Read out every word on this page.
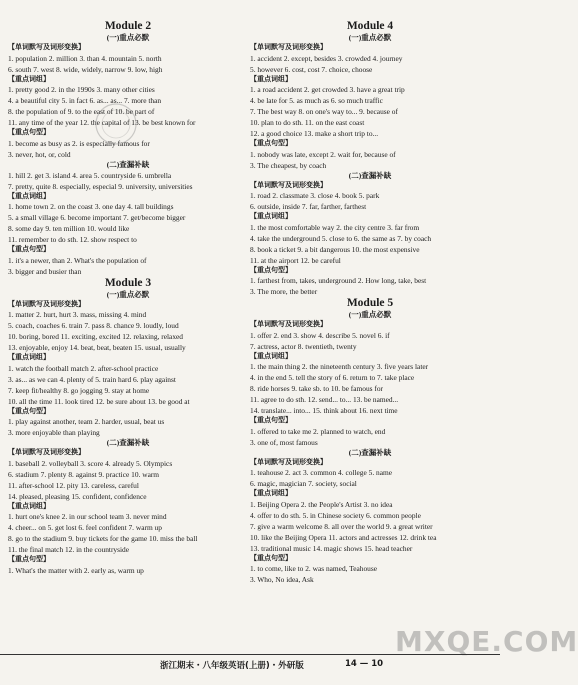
Module 2
(一)重点必默
【单词默写及词形变换】
1. population 2. million 3. than 4. mountain 5. north
6. south 7. west 8. wide, widely, narrow 9. low, high
【重点词组】
1. pretty good 2. in the 1990s 3. many other cities
4. a beautiful city 5. in fact 6. as... as... 7. more than
8. the population of 9. to the east of 10. be part of
11. any time of the year 12. the capital of 13. be best known for
【重点句型】
1. become as busy as 2. is especially famous for
3. never, hot, or, cold
(二)查漏补缺
1. hill 2. get 3. island 4. area 5. countryside 6. umbrella
7. pretty, quite 8. especially, especial 9. university, universities
【重点词组】
1. home town 2. on the coast 3. one day 4. tall buildings
5. a small village 6. become important 7. get/become bigger
8. some day 9. ten million 10. would like
11. remember to do sth. 12. show respect to
【重点句型】
1. it's a newer, than 2. What's the population of
3. bigger and busier than
Module 3
(一)重点必默
【单词默写及词形变换】
1. matter 2. hurt, hurt 3. mass, missing 4. mind
5. coach, coaches 6. train 7. pass 8. chance 9. loudly, loud
10. boring, bored 11. exciting, excited 12. relaxing, relaxed
13. enjoyable, enjoy 14. beat, beat, beaten 15. usual, usually
【重点词组】
1. watch the football match 2. after-school practice
3. as... as we can 4. plenty of 5. train hard 6. play against
7. keep fit/healthy 8. go jogging 9. stay at home
10. all the time 11. look tired 12. be sure about 13. be good at
【重点句型】
1. play against another, team 2. harder, usual, beat us
3. more enjoyable than playing
(二)查漏补缺
【单词默写及词形变换】
1. baseball 2. volleyball 3. score 4. already 5. Olympics
6. stadium 7. plenty 8. against 9. practice 10. warm
11. after-school 12. pity 13. careless, careful
14. pleased, pleasing 15. confident, confidence
【重点词组】
1. hurt one's knee 2. in our school team 3. never mind
4. cheer... on 5. get lost 6. feel confident 7. warm up
8. go to the stadium 9. buy tickets for the game 10. miss the ball
11. the final match 12. in the countryside
【重点句型】
1. What's the matter with 2. early as, warm up
Module 4
(一)重点必默
【单词默写及词形变换】
1. accident 2. except, besides 3. crowded 4. journey
5. however 6. cost, cost 7. choice, choose
【重点词组】
1. a road accident 2. get crowded 3. have a great trip
4. be late for 5. as much as 6. so much traffic
7. The best way 8. on one's way to... 9. because of
10. plan to do sth. 11. on the east coast
12. a good choice 13. make a short trip to...
【重点句型】
1. nobody was late, except 2. wait for, because of
3. The cheapest, by coach
(二)查漏补缺
【单词默写及词形变换】
1. road 2. classmate 3. close 4. book 5. park
6. outside, inside 7. far, farther, farthest
【重点词组】
1. the most comfortable way 2. the city centre 3. far from
4. take the underground 5. close to 6. the same as 7. by coach
8. book a ticket 9. a bit dangerous 10. the most expensive
11. at the airport 12. be careful
【重点句型】
1. farthest from, takes, underground 2. How long, take, best
3. The more, the better
Module 5
(一)重点必默
【单词默写及词形变换】
1. offer 2. end 3. show 4. describe 5. novel 6. if
7. actress, actor 8. twentieth, twenty
【重点词组】
1. the main thing 2. the nineteenth century 3. five years later
4. in the end 5. tell the story of 6. return to 7. take place
8. ride horses 9. take sb. to 10. be famous for
11. agree to do sth. 12. send... to... 13. be named...
14. translate... into... 15. think about 16. next time
【重点句型】
1. offered to take me 2. planned to watch, end
3. one of, most famous
(二)查漏补缺
【单词默写及词形变换】
1. teahouse 2. act 3. common 4. college 5. name
6. magic, magician 7. society, social
【重点词组】
1. Beijing Opera 2. the People's Artist 3. no idea
4. offer to do sth. 5. in Chinese society 6. common people
7. give a warm welcome 8. all over the world 9. a great writer
10. like the Beijing Opera 11. actors and actresses 12. drink tea
13. traditional music 14. magic shows 15. head teacher
【重点句型】
1. to come, like to 2. was named, Teahouse
3. Who, No idea, Ask
MXQE.COM
浙江期末・八年级英语(上册)・外研版	14 — 10
